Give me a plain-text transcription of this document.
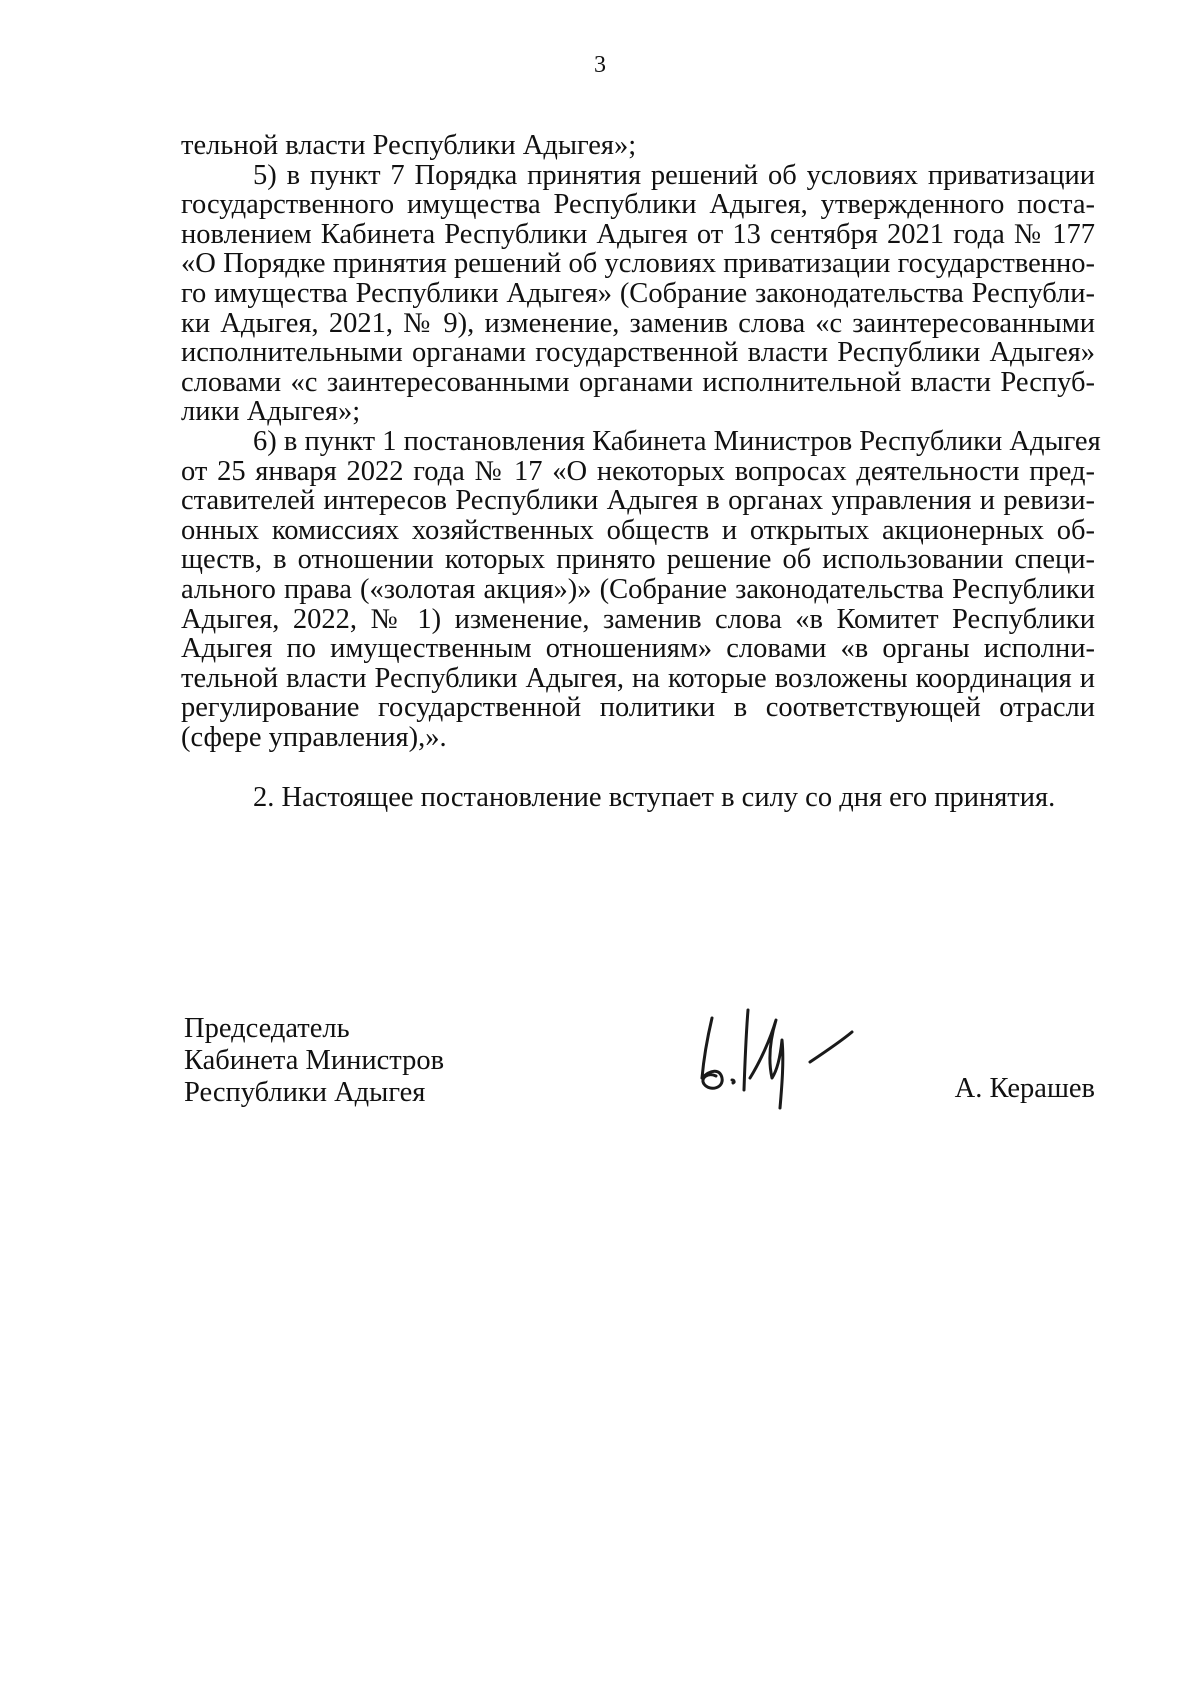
3
тельной власти Республики Адыгея»;
5) в пункт 7 Порядка принятия решений об условиях приватизации
государственного имущества Республики Адыгея, утвержденного поста-
новлением Кабинета Республики Адыгея от 13 сентября 2021 года № 177
«О Порядке принятия решений об условиях приватизации государственно-
го имущества Республики Адыгея» (Собрание законодательства Республи-
ки Адыгея, 2021, № 9), изменение, заменив слова «с заинтересованными
исполнительными органами государственной власти Республики Адыгея»
словами «с заинтересованными органами исполнительной власти Респуб-
лики Адыгея»;
6) в пункт 1 постановления Кабинета Министров Республики Адыгея
от 25 января 2022 года № 17 «О некоторых вопросах деятельности пред-
ставителей интересов Республики Адыгея в органах управления и ревизи-
онных комиссиях хозяйственных обществ и открытых акционерных об-
ществ, в отношении которых принято решение об использовании специ-
ального права («золотая акция»)» (Собрание законодательства Республики
Адыгея, 2022, № 1) изменение, заменив слова «в Комитет Республики
Адыгея по имущественным отношениям» словами «в органы исполни-
тельной власти Республики Адыгея, на которые возложены координация и
регулирование государственной политики в соответствующей отрасли
(сфере управления),».
2. Настоящее постановление вступает в силу со дня его принятия.
Председатель
Кабинета Министров
Республики Адыгея	А. Керашев
